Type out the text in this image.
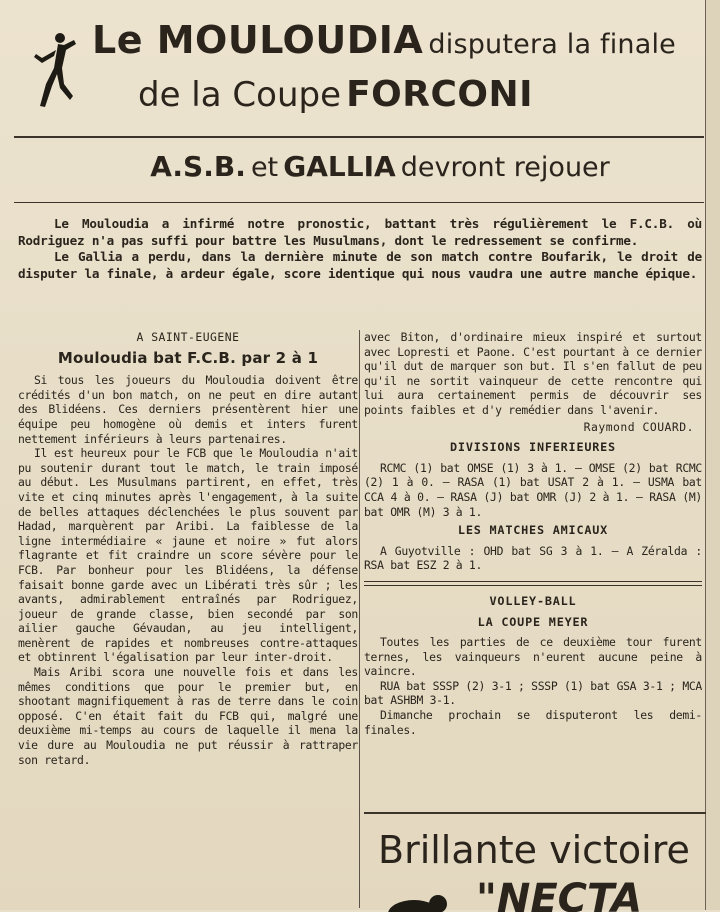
Le MOULOUDIA disputera la finale
de la Coupe FORCONI
A.S.B. et GALLIA devront rejouer

Le Mouloudia a infirmé notre pronostic, battant très régulièrement le F.C.B. où Rodriguez n'a pas suffi pour battre les Musulmans, dont le redressement se confirme.

Le Gallia a perdu, dans la dernière minute de son match contre Boufarik, le droit de disputer la finale, à ardeur égale, score identique qui nous vaudra une autre manche épique.

A SAINT-EUGENE
Mouloudia bat F.C.B. par 2 à 1

Si tous les joueurs du Mouloudia doivent être crédités d'un bon match, on ne peut en dire autant des Blidéens. Ces derniers présentèrent hier une équipe peu homogène où demis et inters furent nettement inférieurs à leurs partenaires.

Il est heureux pour le FCB que le Mouloudia n'ait pu soutenir durant tout le match, le train imposé au début. Les Musulmans partirent, en effet, très vite et cinq minutes après l'engagement, à la suite de belles attaques déclenchées le plus souvent par Hadad, marquèrent par Aribi. La faiblesse de la ligne intermédiaire « jaune et noire » fut alors flagrante et fit craindre un score sévère pour le FCB. Par bonheur pour les Blidéens, la défense faisait bonne garde avec un Libérati très sûr ; les avants, admirablement entraînés par Rodriguez, joueur de grande classe, bien secondé par son ailier gauche Gévaudan, au jeu intelligent, menèrent de rapides et nombreuses contre-attaques et obtinrent l'égalisation par leur inter-droit.

Mais Aribi scora une nouvelle fois et dans les mêmes conditions que pour le premier but, en shootant magnifiquement à ras de terre dans le coin opposé. C'en était fait du FCB qui, malgré une deuxième mi-temps au cours de laquelle il mena la vie dure au Mouloudia ne put réussir à rattraper son retard.

avec Biton, d'ordinaire mieux inspiré et surtout avec Lopresti et Paone. C'est pourtant à ce dernier qu'il dut de marquer son but. Il s'en fallut de peu qu'il ne sortit vainqueur de cette rencontre qui lui aura certainement permis de découvrir ses points faibles et d'y remédier dans l'avenir.

Raymond COUARD.
DIVISIONS INFERIEURES

RCMC (1) bat OMSE (1) 3 à 1. — OMSE (2) bat RCMC (2) 1 à 0. — RASA (1) bat USAT 2 à 1. — USMA bat CCA 4 à 0. — RASA (J) bat OMR (J) 2 à 1. — RASA (M) bat OMR (M) 3 à 1.

LES MATCHES AMICAUX

A Guyotville : OHD bat SG 3 à 1. — A Zéralda : RSA bat ESZ 2 à 1.

VOLLEY-BALL
LA COUPE MEYER

Toutes les parties de ce deuxième tour furent ternes, les vainqueurs n'eurent aucune peine à vaincre.

RUA bat SSSP (2) 3-1 ; SSSP (1) bat GSA 3-1 ; MCA bat ASHBM 3-1.

Dimanche prochain se disputeront les demi-finales.

Brillante victoire
"NECTA
